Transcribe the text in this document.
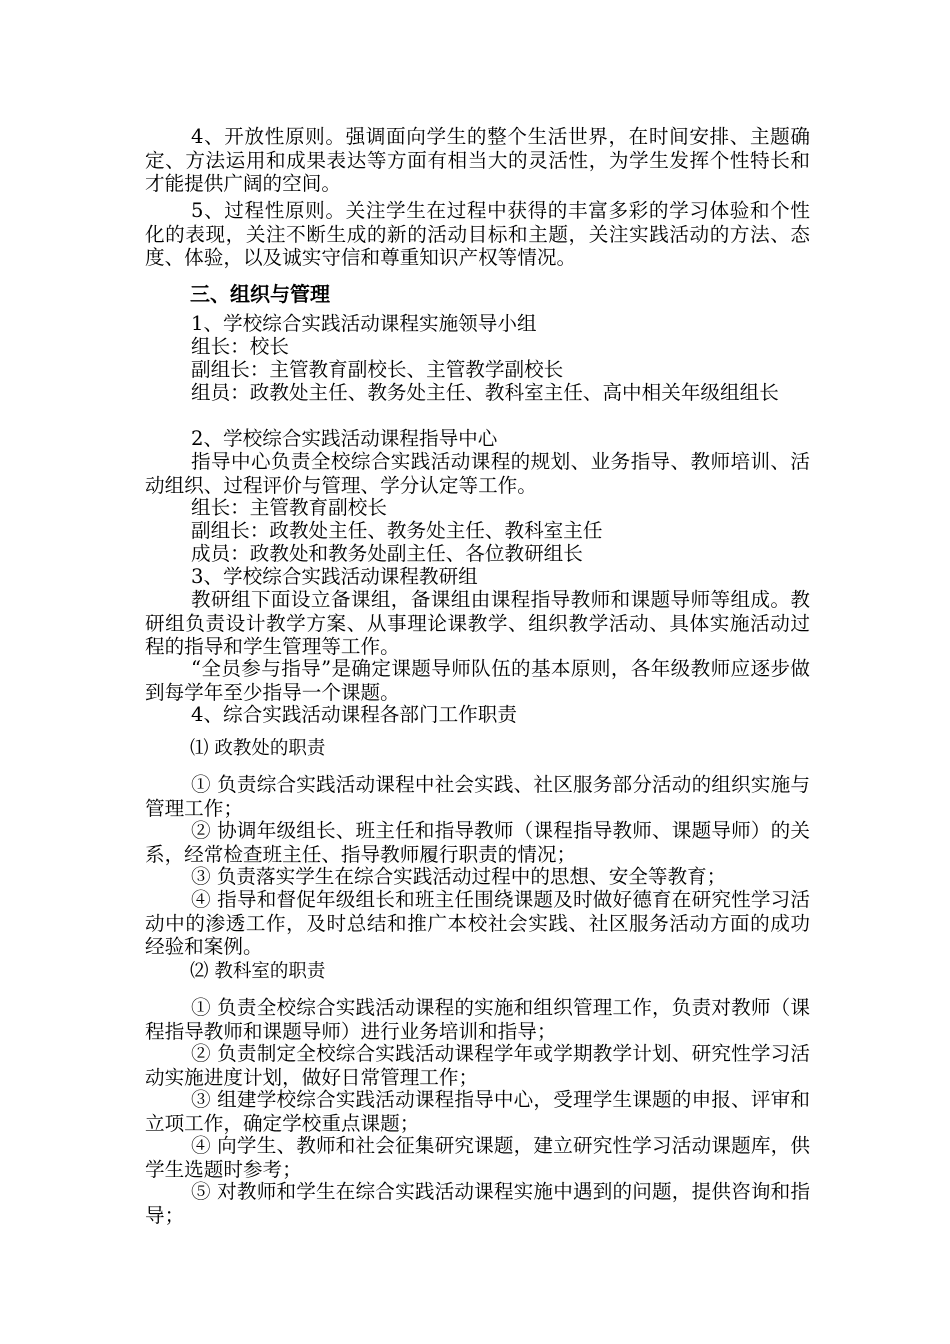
4、开放性原则。强调面向学生的整个生活世界，在时间安排、主题确定、方法运用和成果表达等方面有相当大的灵活性，为学生发挥个性特长和才能提供广阔的空间。
5、过程性原则。关注学生在过程中获得的丰富多彩的学习体验和个性化的表现，关注不断生成的新的活动目标和主题，关注实践活动的方法、态度、体验，以及诚实守信和尊重知识产权等情况。
三、组织与管理
1、学校综合实践活动课程实施领导小组
组长：校长
副组长：主管教育副校长、主管教学副校长
组员：政教处主任、教务处主任、教科室主任、高中相关年级组组长
2、学校综合实践活动课程指导中心
指导中心负责全校综合实践活动课程的规划、业务指导、教师培训、活动组织、过程评价与管理、学分认定等工作。
组长：主管教育副校长
副组长：政教处主任、教务处主任、教科室主任
成员：政教处和教务处副主任、各位教研组长
3、学校综合实践活动课程教研组
教研组下面设立备课组，备课组由课程指导教师和课题导师等组成。教研组负责设计教学方案、从事理论课教学、组织教学活动、具体实施活动过程的指导和学生管理等工作。
“全员参与指导”是确定课题导师队伍的基本原则，各年级教师应逐步做到每学年至少指导一个课题。
4、综合实践活动课程各部门工作职责
⑴ 政教处的职责
① 负责综合实践活动课程中社会实践、社区服务部分活动的组织实施与管理工作；
② 协调年级组长、班主任和指导教师（课程指导教师、课题导师）的关系，经常检查班主任、指导教师履行职责的情况；
③ 负责落实学生在综合实践活动过程中的思想、安全等教育；
④ 指导和督促年级组长和班主任围绕课题及时做好德育在研究性学习活动中的渗透工作，及时总结和推广本校社会实践、社区服务活动方面的成功经验和案例。
⑵ 教科室的职责
① 负责全校综合实践活动课程的实施和组织管理工作，负责对教师（课程指导教师和课题导师）进行业务培训和指导；
② 负责制定全校综合实践活动课程学年或学期教学计划、研究性学习活动实施进度计划，做好日常管理工作；
③ 组建学校综合实践活动课程指导中心，受理学生课题的申报、评审和立项工作，确定学校重点课题；
④ 向学生、教师和社会征集研究课题，建立研究性学习活动课题库，供学生选题时参考；
⑤ 对教师和学生在综合实践活动课程实施中遇到的问题，提供咨询和指导；
